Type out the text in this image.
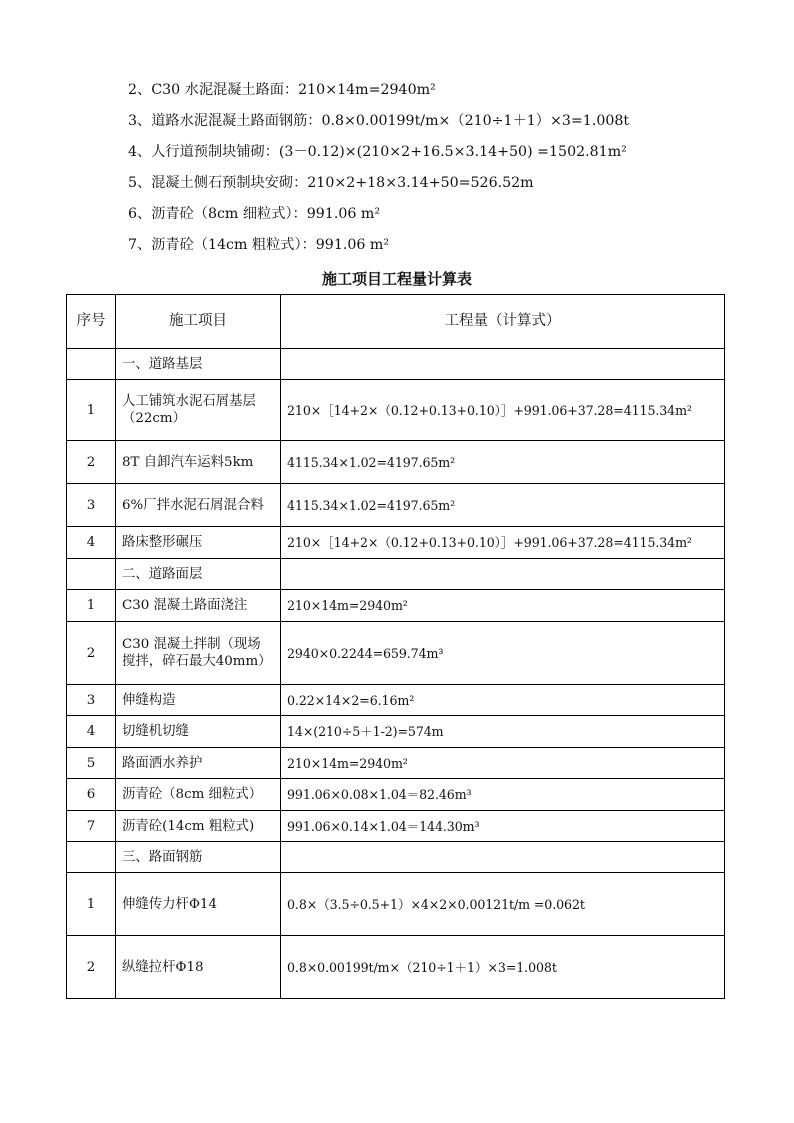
2、C30 水泥混凝土路面：210×14m=2940m²
3、道路水泥混凝土路面钢筋：0.8×0.00199t/m×（210÷1＋1）×3=1.008t
4、人行道预制块铺砌：(3－0.12)×(210×2+16.5×3.14+50) =1502.81m²
5、混凝土侧石预制块安砌：210×2+18×3.14+50=526.52m
6、沥青砼（8cm 细粒式）：991.06 m²
7、沥青砼（14cm 粗粒式）：991.06 m²
施工项目工程量计算表
序号	施工项目	工程量（计算式）
	一、道路基层	
1	人工铺筑水泥石屑基层（22cm）	210×［14+2×（0.12+0.13+0.10）］+991.06+37.28=4115.34m²
2	8T 自卸汽车运料5km	4115.34×1.02=4197.65m²
3	6%厂拌水泥石屑混合料	4115.34×1.02=4197.65m²
4	路床整形碾压	210×［14+2×（0.12+0.13+0.10）］+991.06+37.28=4115.34m²
	二、道路面层	
1	C30 混凝土路面浇注	210×14m=2940m²
2	C30 混凝土拌制（现场搅拌，碎石最大40mm）	2940×0.2244=659.74m³
3	伸缝构造	0.22×14×2=6.16m²
4	切缝机切缝	14×(210÷5＋1-2)=574m
5	路面洒水养护	210×14m=2940m²
6	沥青砼（8cm 细粒式）	991.06×0.08×1.04＝82.46m³
7	沥青砼(14cm 粗粒式)	991.06×0.14×1.04＝144.30m³
	三、路面钢筋	
1	伸缝传力杆Φ14	0.8×（3.5÷0.5+1）×4×2×0.00121t/m =0.062t
2	纵缝拉杆Φ18	0.8×0.00199t/m×（210÷1＋1）×3=1.008t
